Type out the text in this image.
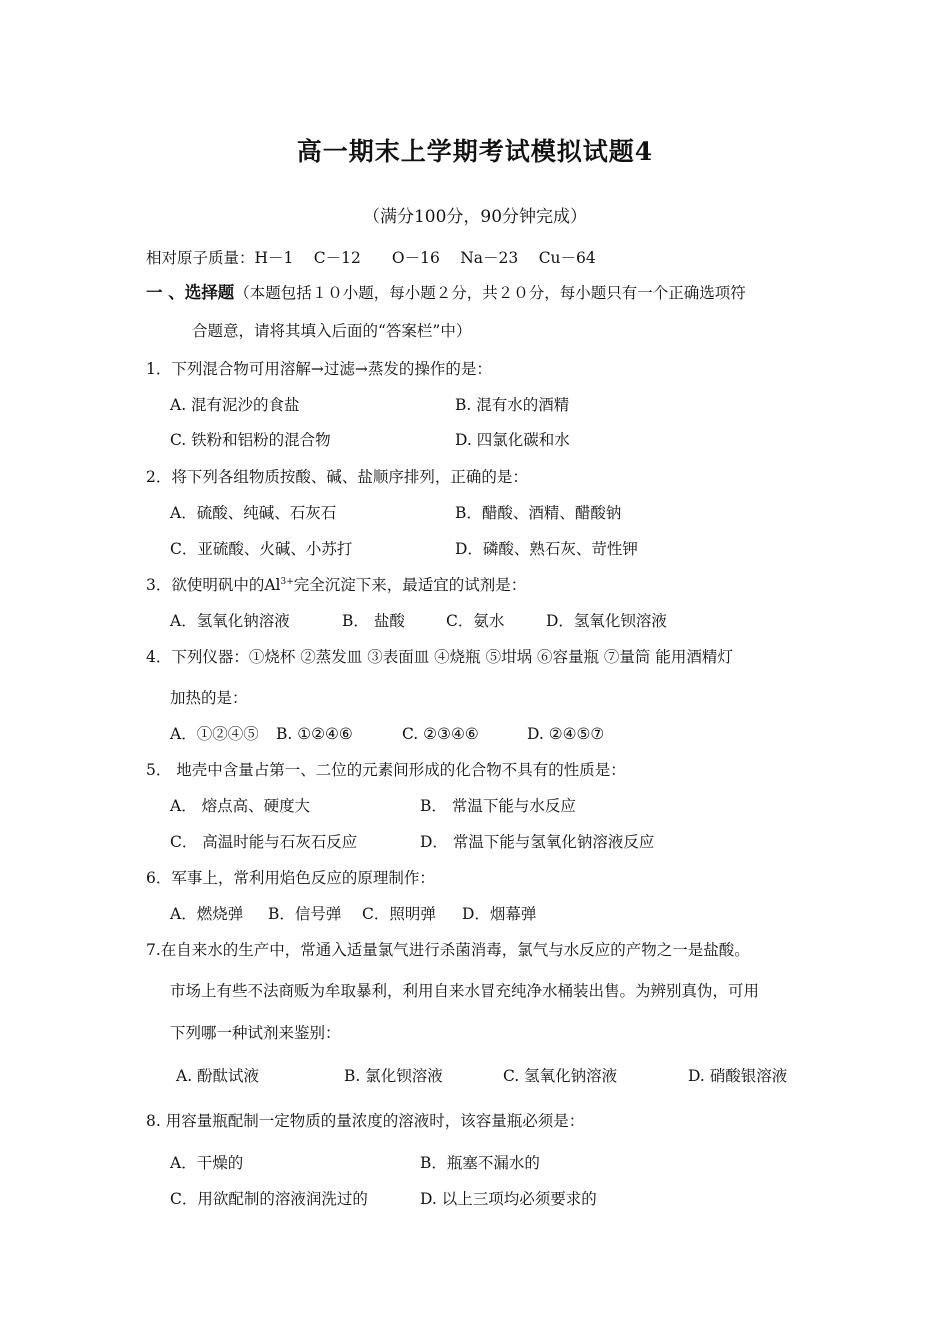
高一期末上学期考试模拟试题4
（满分100分，90分钟完成）
相对原子质量：H－1　 C－12　　O－16　 Na－23　 Cu－64
一 、选择题（本题包括１０小题，每小题２分，共２０分，每小题只有一个正确选项符
合题意，请将其填入后面的“答案栏”中）
1．下列混合物可用溶解→过滤→蒸发的操作的是：
A. 混有泥沙的食盐	B. 混有水的酒精
C. 铁粉和铝粉的混合物	D. 四氯化碳和水
2．将下列各组物质按酸、碱、盐顺序排列，正确的是：
A．硫酸、纯碱、石灰石	B．醋酸、酒精、醋酸钠
C．亚硫酸、火碱、小苏打	D．磷酸、熟石灰、苛性钾
3．欲使明矾中的$Al^{3+}$完全沉淀下来，最适宜的试剂是：
A．氢氧化钠溶液	B． 盐酸	C．氨水	D．氢氧化钡溶液
4．下列仪器：①烧杯 ②蒸发皿 ③表面皿 ④烧瓶 ⑤坩埚 ⑥容量瓶 ⑦量筒 能用酒精灯
加热的是：
A．①②④⑤ B. ①②④⑥	C. ②③④⑥	D. ②④⑤⑦
5． 地壳中含量占第一、二位的元素间形成的化合物不具有的性质是：
A． 熔点高、硬度大	B． 常温下能与水反应
C． 高温时能与石灰石反应	D． 常温下能与氢氧化钠溶液反应
6．军事上，常利用焰色反应的原理制作：
A．燃烧弹 B．信号弹 C．照明弹 D．烟幕弹
7.在自来水的生产中，常通入适量氯气进行杀菌消毒，氯气与水反应的产物之一是盐酸。
市场上有些不法商贩为牟取暴利，利用自来水冒充纯净水桶装出售。为辨别真伪，可用
下列哪一种试剂来鉴别：
A. 酚酞试液	B. 氯化钡溶液	C. 氢氧化钠溶液	D. 硝酸银溶液
8. 用容量瓶配制一定物质的量浓度的溶液时，该容量瓶必须是：
A．干燥的	B．瓶塞不漏水的
C．用欲配制的溶液润洗过的	D. 以上三项均必须要求的
